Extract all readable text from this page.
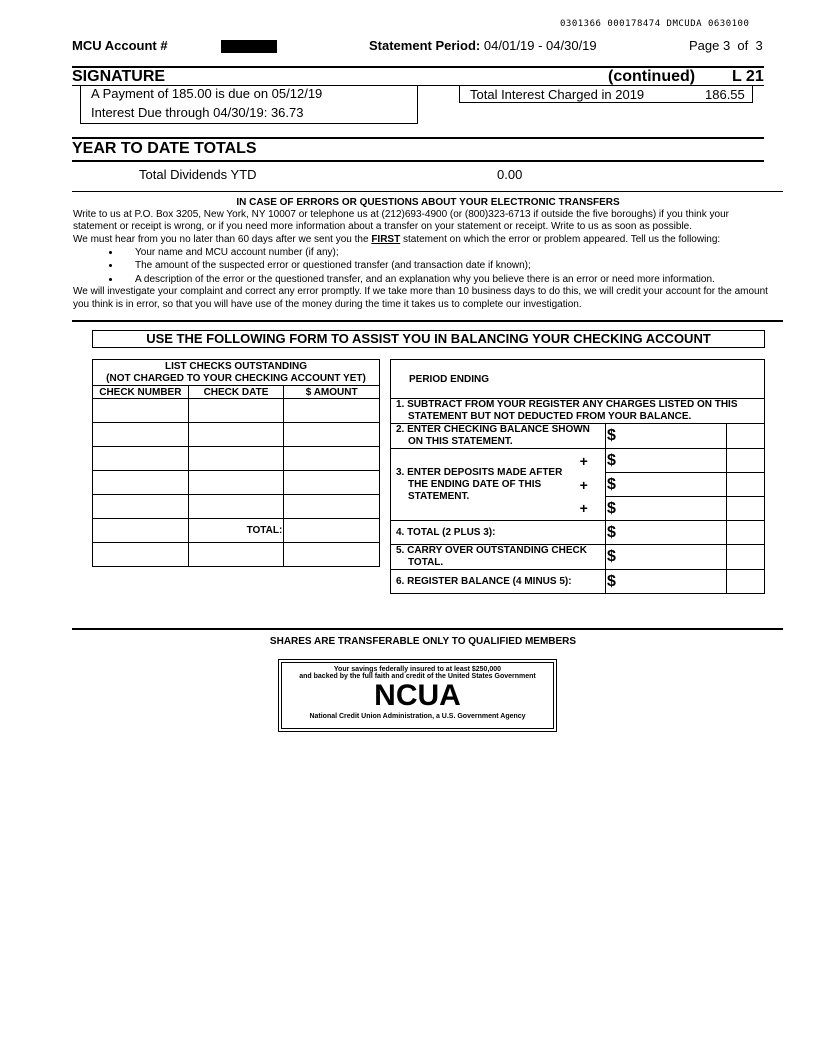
0301366 000178474 DMCUDA 0630100
MCU Account #	Statement Period: 04/01/19 - 04/30/19	Page 3  of  3
SIGNATURE	(continued) L 21
A Payment of 185.00 is due on 05/12/19
Interest Due through 04/30/19: 36.73
Total Interest Charged in 2019	186.55
YEAR TO DATE TOTALS
Total Dividends YTD	0.00
IN CASE OF ERRORS OR QUESTIONS ABOUT YOUR ELECTRONIC TRANSFERS
Write to us at P.O. Box 3205, New York, NY 10007 or telephone us at (212)693-4900 (or (800)323-6713 if outside the five boroughs) if you think your statement or receipt is wrong, or if you need more information about a transfer on your statement or receipt. Write to us as soon as possible.
We must hear from you no later than 60 days after we sent you the FIRST statement on which the error or problem appeared. Tell us the following:
• Your name and MCU account number (if any);
• The amount of the suspected error or questioned transfer (and transaction date if known);
• A description of the error or the questioned transfer, and an explanation why you believe there is an error or need more information.
We will investigate your complaint and correct any error promptly. If we take more than 10 business days to do this, we will credit your account for the amount you think is in error, so that you will have use of the money during the time it takes us to complete our investigation.
USE THE FOLLOWING FORM TO ASSIST YOU IN BALANCING YOUR CHECKING ACCOUNT
LIST CHECKS OUTSTANDING
(NOT CHARGED TO YOUR CHECKING ACCOUNT YET)		

CHECK NUMBER	CHECK DATE	$ AMOUNT

	TOTAL:	

PERIOD ENDING			

1. SUBTRACT FROM YOUR REGISTER ANY CHARGES LISTED ON THIS STATEMENT BUT NOT DEDUCTED FROM YOUR BALANCE.			

2. ENTER CHECKING BALANCE SHOWN ON THIS STATEMENT.		$	

3. ENTER DEPOSITS MADE AFTER THE ENDING DATE OF THIS STATEMENT.	+	$	
	+	$	
	+	$	
4. TOTAL (2 PLUS 3):		$	

5. CARRY OVER OUTSTANDING CHECK TOTAL.		$	
6. REGISTER BALANCE (4 MINUS 5):		$	
SHARES ARE TRANSFERABLE ONLY TO QUALIFIED MEMBERS
Your savings federally insured to at least $250,000
and backed by the full faith and credit of the United States Government
NCUA
National Credit Union Administration, a U.S. Government Agency
